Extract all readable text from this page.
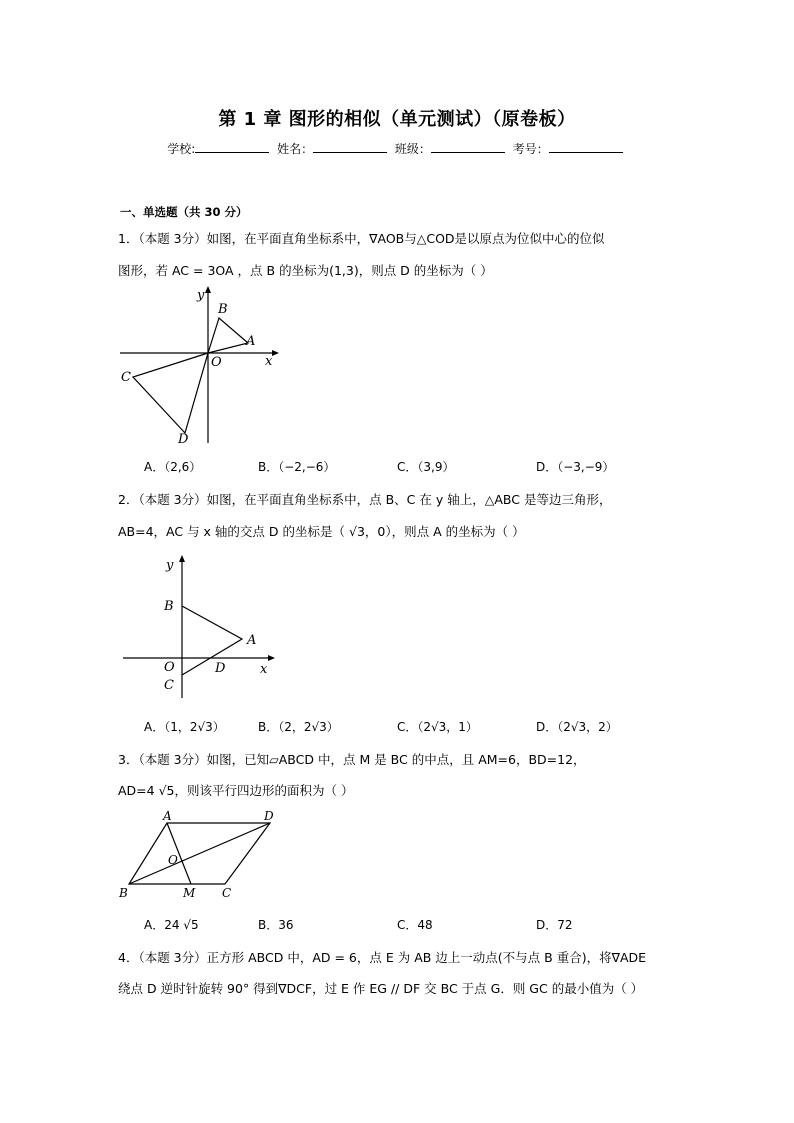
第 1 章 图形的相似（单元测试）（原卷板）
学校:	姓名：	班级：	考号：
一、单选题（共 30 分）
1．（本题 3分）如图，在平面直角坐标系中，∇AOB与△COD是以原点为位似中心的位似
图形，若 AC = 3OA ，点 B 的坐标为(1,3)，则点 D 的坐标为（ ）
y
x
B
A
O
C
D
A．（2,6）	B．（−2,−6）	C．（3,9）	D．（−3,−9）
2．（本题 3分）如图，在平面直角坐标系中，点 B、C 在 y 轴上，△ABC 是等边三角形，
AB=4，AC 与 x 轴的交点 D 的坐标是（ √3，0），则点 A 的坐标为（ ）
y
x
B
A
O	D
C
A．（1，2√3）	B．（2，2√3）	C．（2√3，1）	D．（2√3，2）
3．（本题 3分）如图，已知▱ABCD 中，点 M 是 BC 的中点，且 AM=6，BD=12，
AD=4 √5，则该平行四边形的面积为（ ）
A	D
O
B	M C
A．24 √5	B．36	C．48	D．72
4．（本题 3分）正方形 ABCD 中，AD = 6，点 E 为 AB 边上一动点(不与点 B 重合)，将∇ADE
绕点 D 逆时针旋转 90° 得到∇DCF，过 E 作 EG // DF 交 BC 于点 G．则 GC 的最小值为（ ）
